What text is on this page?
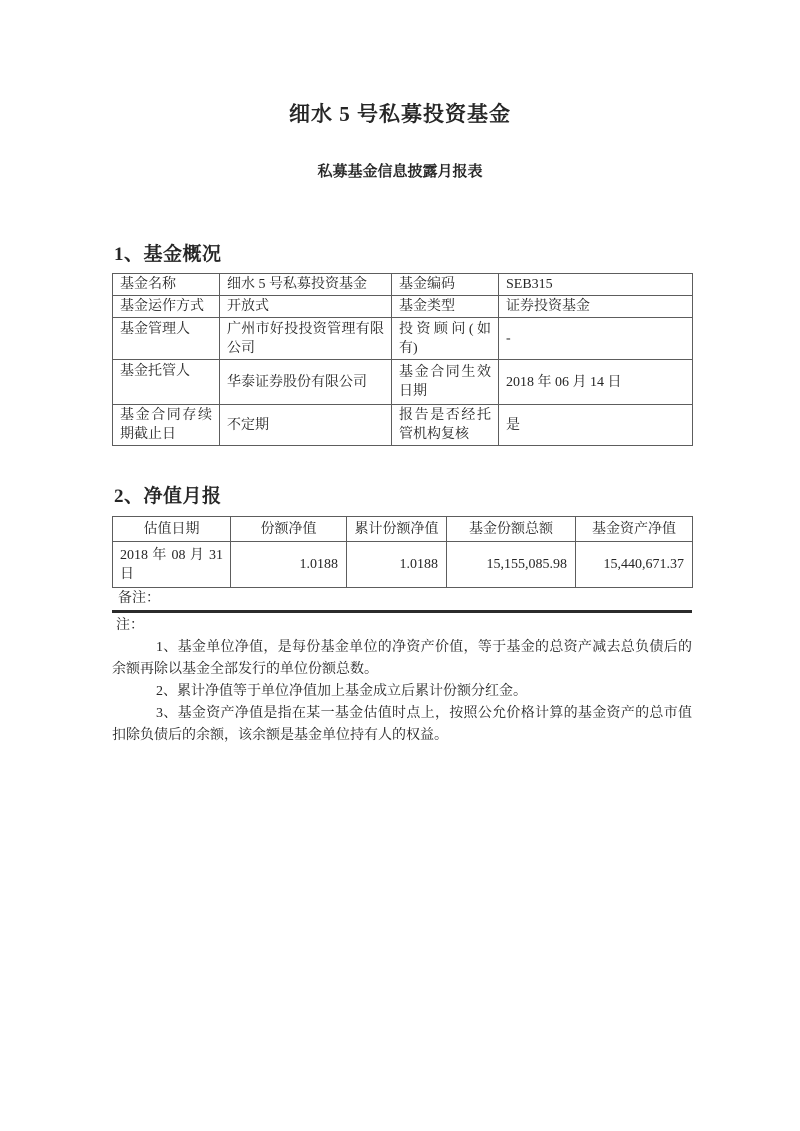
细水 5 号私募投资基金
私募基金信息披露月报表
1、基金概况
基金名称	细水 5 号私募投资基金	基金编码	SEB315
基金运作方式	开放式	基金类型	证券投资基金
基金管理人	广州市好投投资管理有限公司	投资顾问(如有)	-
基金托管人	华泰证券股份有限公司	基金合同生效日期	2018 年 06 月 14 日
基金合同存续期截止日	不定期	报告是否经托管机构复核	是
2、净值月报
估值日期	份额净值	累计份额净值	基金份额总额	基金资产净值
2018 年 08 月 31 日	1.0188	1.0188	15,155,085.98	15,440,671.37
备注：

注：

1、基金单位净值，是每份基金单位的净资产价值，等于基金的总资产减去总负债后的余额再除以基金全部发行的单位份额总数。

2、累计净值等于单位净值加上基金成立后累计份额分红金。

3、基金资产净值是指在某一基金估值时点上，按照公允价格计算的基金资产的总市值扣除负债后的余额，该余额是基金单位持有人的权益。
